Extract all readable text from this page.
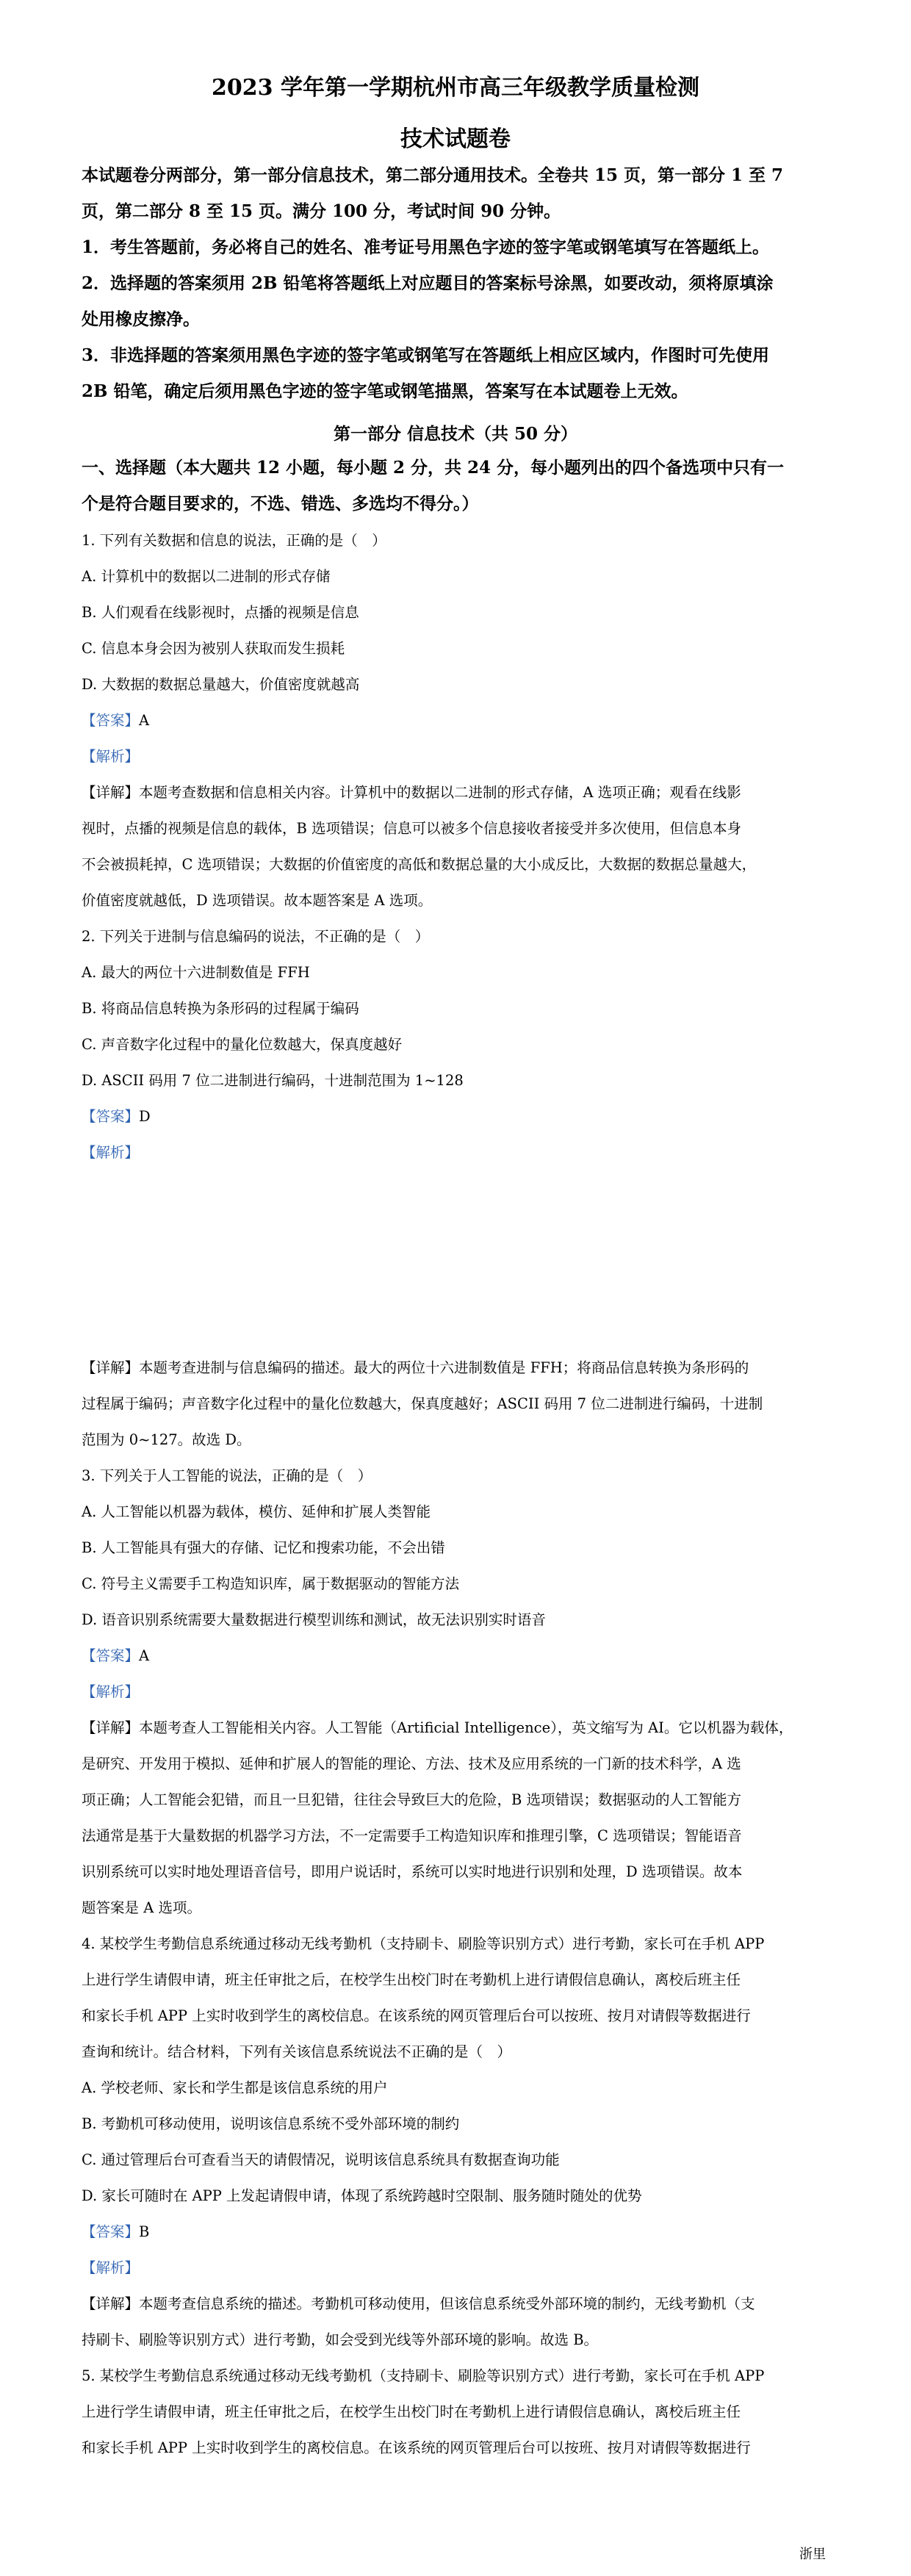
2023 学年第一学期杭州市高三年级教学质量检测
技术试题卷

本试题卷分两部分，第一部分信息技术，第二部分通用技术。全卷共 15 页，第一部分 1 至 7

页，第二部分 8 至 15 页。满分 100 分，考试时间 90 分钟。

1．考生答题前，务必将自己的姓名、准考证号用黑色字迹的签字笔或钢笔填写在答题纸上。

2．选择题的答案须用 2B 铅笔将答题纸上对应题目的答案标号涂黑，如要改动，须将原填涂

处用橡皮擦净。

3．非选择题的答案须用黑色字迹的签字笔或钢笔写在答题纸上相应区域内，作图时可先使用

2B 铅笔，确定后须用黑色字迹的签字笔或钢笔描黑，答案写在本试题卷上无效。

第一部分 信息技术（共 50 分）

一、选择题（本大题共 12 小题，每小题 2 分，共 24 分，每小题列出的四个备选项中只有一

个是符合题目要求的，不选、错选、多选均不得分。）

1. 下列有关数据和信息的说法，正确的是（　）

A. 计算机中的数据以二进制的形式存储

B. 人们观看在线影视时，点播的视频是信息

C. 信息本身会因为被别人获取而发生损耗

D. 大数据的数据总量越大，价值密度就越高

【答案】A

【解析】

【详解】本题考查数据和信息相关内容。计算机中的数据以二进制的形式存储，A 选项正确；观看在线影

视时，点播的视频是信息的载体，B 选项错误；信息可以被多个信息接收者接受并多次使用，但信息本身

不会被损耗掉，C 选项错误；大数据的价值密度的高低和数据总量的大小成反比，大数据的数据总量越大，

价值密度就越低，D 选项错误。故本题答案是 A 选项。

2. 下列关于进制与信息编码的说法，不正确的是（　）

A. 最大的两位十六进制数值是 FFH

B. 将商品信息转换为条形码的过程属于编码

C. 声音数字化过程中的量化位数越大，保真度越好

D. ASCII 码用 7 位二进制进行编码，十进制范围为 1~128

【答案】D

【解析】

【详解】本题考查进制与信息编码的描述。最大的两位十六进制数值是 FFH；将商品信息转换为条形码的

过程属于编码；声音数字化过程中的量化位数越大，保真度越好；ASCII 码用 7 位二进制进行编码，十进制

范围为 0~127。故选 D。

3. 下列关于人工智能的说法，正确的是（　）

A. 人工智能以机器为载体，模仿、延伸和扩展人类智能

B. 人工智能具有强大的存储、记忆和搜索功能，不会出错

C. 符号主义需要手工构造知识库，属于数据驱动的智能方法

D. 语音识别系统需要大量数据进行模型训练和测试，故无法识别实时语音

【答案】A

【解析】

【详解】本题考查人工智能相关内容。人工智能（Artificial Intelligence），英文缩写为 AI。它以机器为载体，

是研究、开发用于模拟、延伸和扩展人的智能的理论、方法、技术及应用系统的一门新的技术科学，A 选

项正确；人工智能会犯错，而且一旦犯错，往往会导致巨大的危险，B 选项错误；数据驱动的人工智能方

法通常是基于大量数据的机器学习方法，不一定需要手工构造知识库和推理引擎，C 选项错误；智能语音

识别系统可以实时地处理语音信号，即用户说话时，系统可以实时地进行识别和处理，D 选项错误。故本

题答案是 A 选项。

4. 某校学生考勤信息系统通过移动无线考勤机（支持刷卡、刷脸等识别方式）进行考勤，家长可在手机 APP

上进行学生请假申请，班主任审批之后，在校学生出校门时在考勤机上进行请假信息确认，离校后班主任

和家长手机 APP 上实时收到学生的离校信息。在该系统的网页管理后台可以按班、按月对请假等数据进行

查询和统计。结合材料，下列有关该信息系统说法不正确的是（　）

A. 学校老师、家长和学生都是该信息系统的用户

B. 考勤机可移动使用，说明该信息系统不受外部环境的制约

C. 通过管理后台可查看当天的请假情况，说明该信息系统具有数据查询功能

D. 家长可随时在 APP 上发起请假申请，体现了系统跨越时空限制、服务随时随处的优势

【答案】B

【解析】

【详解】本题考查信息系统的描述。考勤机可移动使用，但该信息系统受外部环境的制约，无线考勤机（支

持刷卡、刷脸等识别方式）进行考勤，如会受到光线等外部环境的影响。故选 B。

5. 某校学生考勤信息系统通过移动无线考勤机（支持刷卡、刷脸等识别方式）进行考勤，家长可在手机 APP

上进行学生请假申请，班主任审批之后，在校学生出校门时在考勤机上进行请假信息确认，离校后班主任

和家长手机 APP 上实时收到学生的离校信息。在该系统的网页管理后台可以按班、按月对请假等数据进行

浙里
